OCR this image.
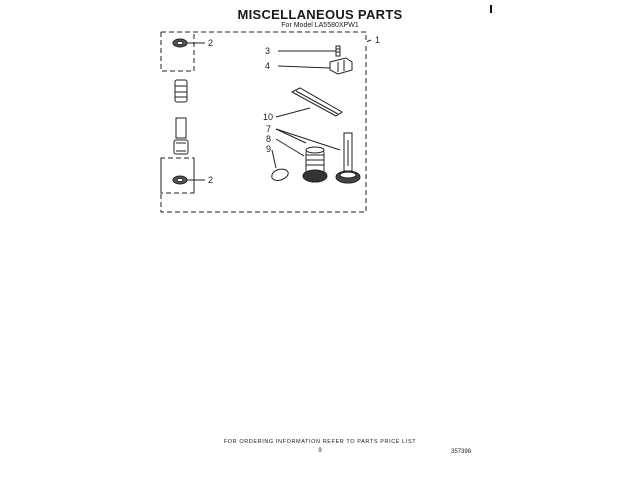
MISCELLANEOUS PARTS
For Model LA5580XPW1
1
2
2
3
4
10
7
8
9
FOR ORDERING INFORMATION REFER TO PARTS PRICE LIST
9	357398
